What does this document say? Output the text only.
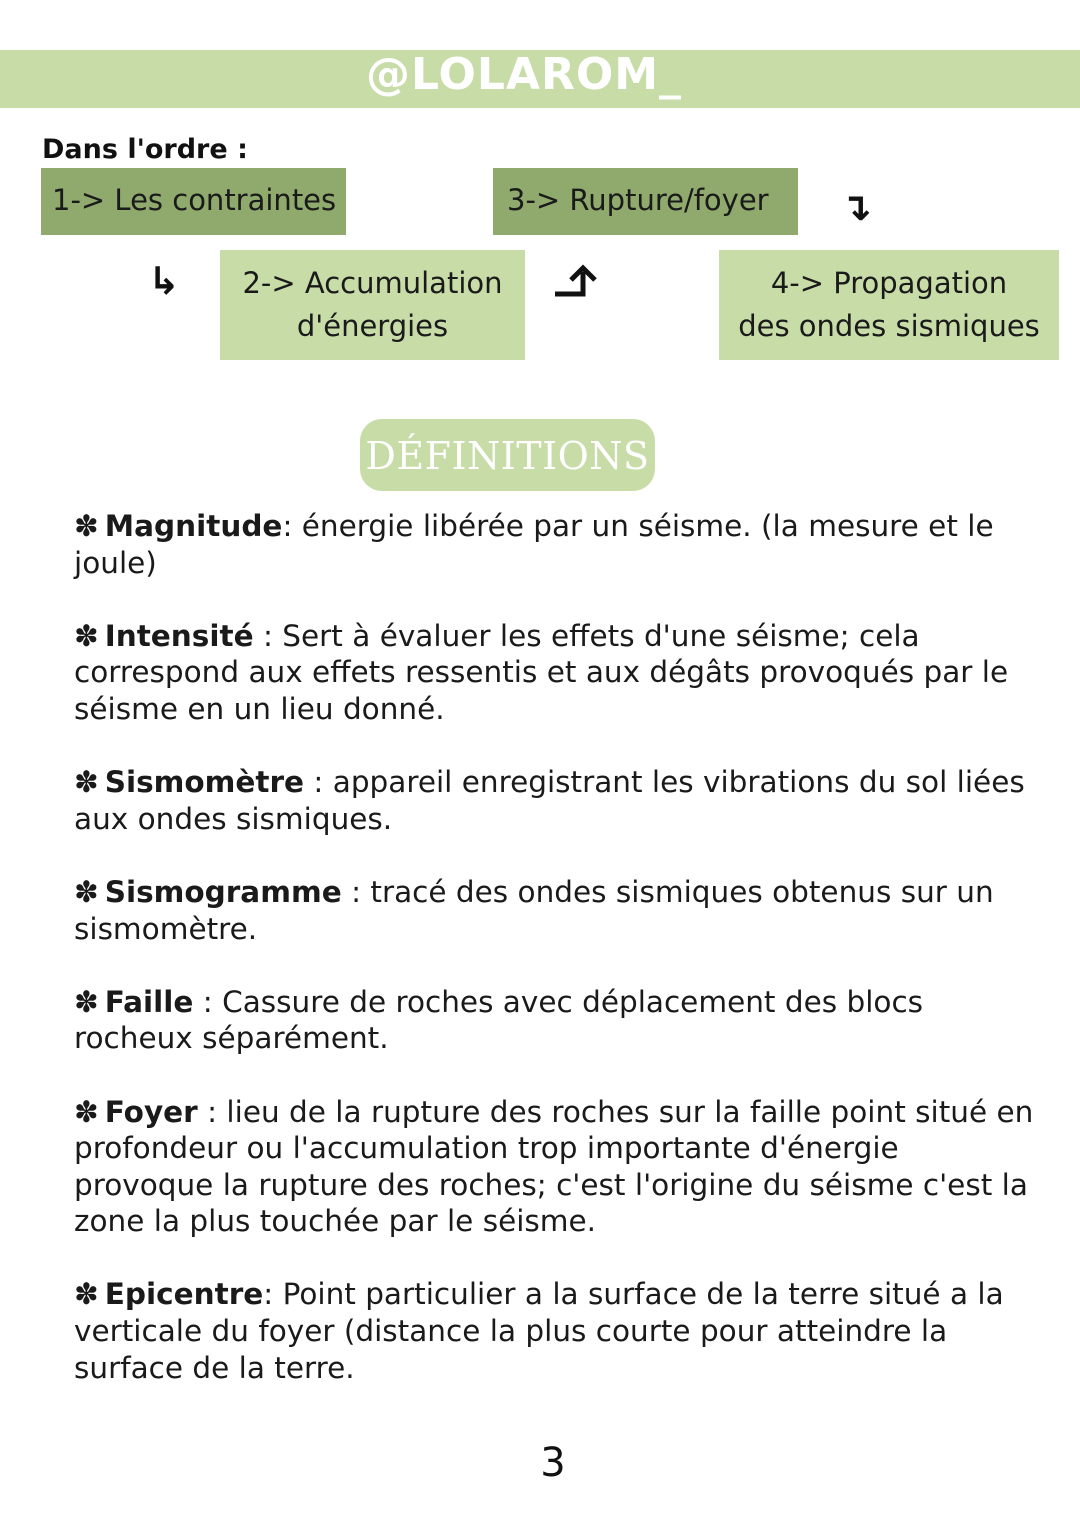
@LOLAROM_
Dans l'ordre :
1-> Les contraintes	3-> Rupture/foyer
2-> Accumulation
d'énergies
4-> Propagation
des ondes sismiques
↴
↳
DÉFINITIONS

✽ Magnitude: énergie libérée par un séisme. (la mesure et le joule)

✽ Intensité : Sert à évaluer les effets d'une séisme; cela correspond aux effets ressentis et aux dégâts provoqués par le séisme en un lieu donné.

✽ Sismomètre : appareil enregistrant les vibrations du sol liées aux ondes sismiques.

✽ Sismogramme : tracé des ondes sismiques obtenus sur un sismomètre.

✽ Faille : Cassure de roches avec déplacement des blocs rocheux séparément.

✽ Foyer : lieu de la rupture des roches sur la faille point situé en profondeur ou l'accumulation trop importante d'énergie provoque la rupture des roches; c'est l'origine du séisme c'est la zone la plus touchée par le séisme.

✽ Epicentre: Point particulier a la surface de la terre situé a la verticale du foyer (distance la plus courte pour atteindre la surface de la terre.

3
